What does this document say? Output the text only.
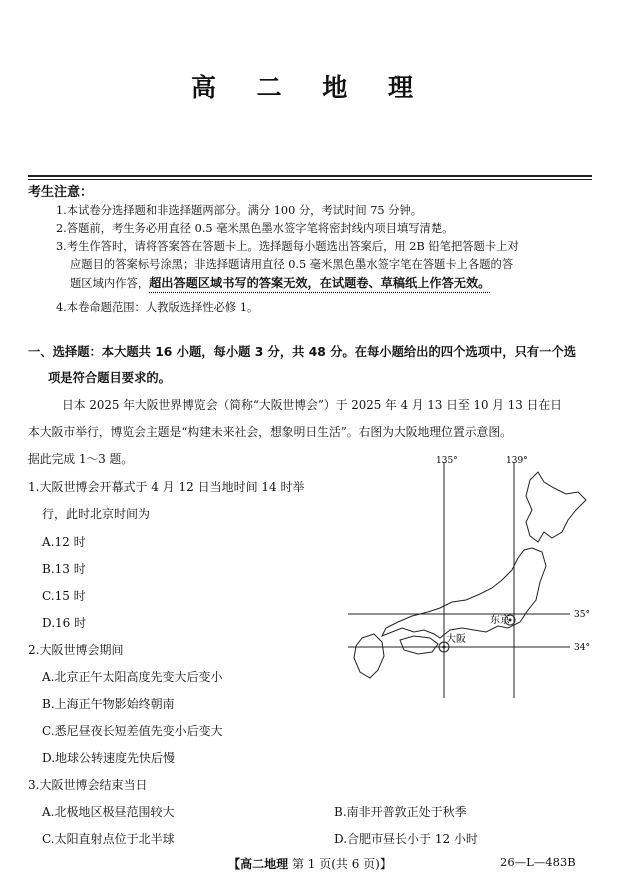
高 二 地 理
考生注意：
1.本试卷分选择题和非选择题两部分。满分 100 分，考试时间 75 分钟。
2.答题前，考生务必用直径 0.5 毫米黑色墨水签字笔将密封线内项目填写清楚。
3.考生作答时，请将答案答在答题卡上。选择题每小题选出答案后，用 2B 铅笔把答题卡上对
应题目的答案标号涂黑；非选择题请用直径 0.5 毫米黑色墨水签字笔在答题卡上各题的答
题区域内作答，超出答题区域书写的答案无效，在试题卷、草稿纸上作答无效。
4.本卷命题范围：人教版选择性必修 1。
一、选择题：本大题共 16 小题，每小题 3 分，共 48 分。在每小题给出的四个选项中，只有一个选
项是符合题目要求的。
日本 2025 年大阪世界博览会（简称“大阪世博会”）于 2025 年 4 月 13 日至 10 月 13 日在日
本大阪市举行，博览会主题是“构建未来社会，想象明日生活”。右图为大阪地理位置示意图。
据此完成 1～3 题。
1.大阪世博会开幕式于 4 月 12 日当地时间 14 时举
行，此时北京时间为
A.12 时
B.13 时
C.15 时
D.16 时
2.大阪世博会期间
A.北京正午太阳高度先变大后变小
B.上海正午物影始终朝南
C.悉尼昼夜长短差值先变小后变大
D.地球公转速度先快后慢
3.大阪世博会结束当日
A.北极地区极昼范围较大	B.南非开普敦正处于秋季
C.太阳直射点位于北半球	D.合肥市昼长小于 12 小时
135°	139°
35°
34°
大阪
东京
【高二地理 第 1 页(共 6 页)】	26—L—483B
